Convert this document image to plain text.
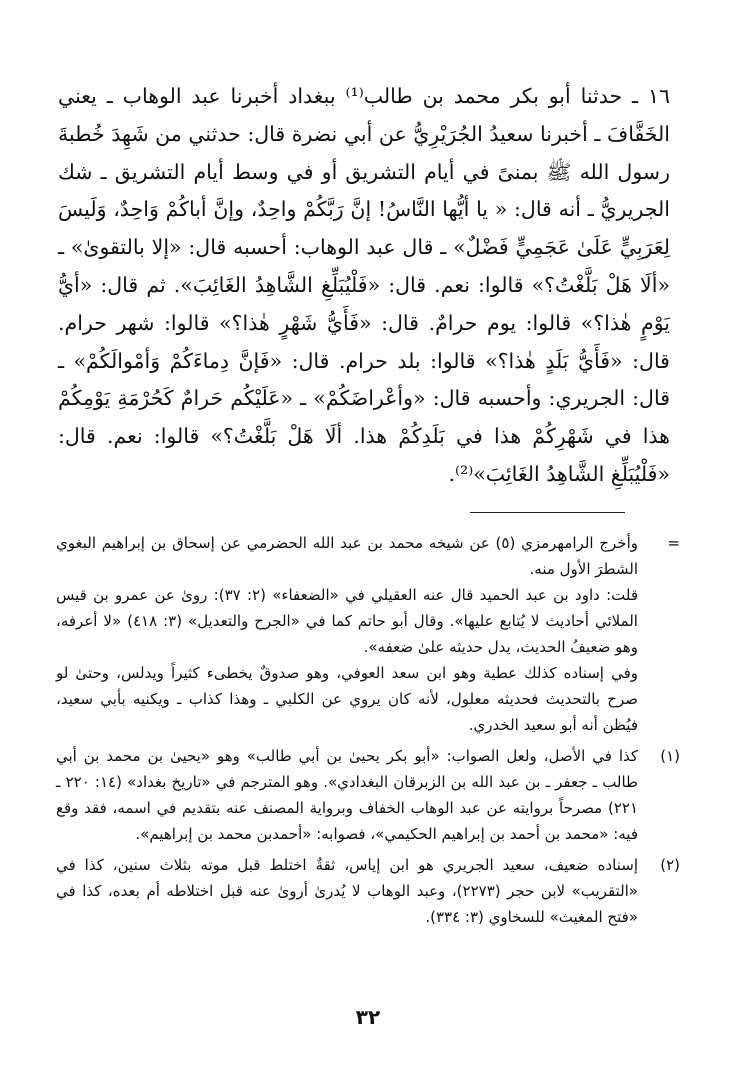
١٦ ـ حدثنا أبو بكر محمد بن طالب⁽¹⁾ ببغداد أخبرنا عبد الوهاب ـ يعني الخَفَّافَ ـ أخبرنا سعيدُ الجُرَيْرِيُّ عن أبي نضرة قال: حدثني من شَهِدَ خُطبةَ رسول الله ﷺ بمنىً في أيام التشريق أو في وسط أيام التشريق ـ شك الجريريُّ ـ أنه قال: « يا أيُّها النَّاسُ! إنَّ رَبَّكُمْ واحِدٌ، وإنَّ أباكُمْ وَاحِدٌ، وَلَيسَ لِعَرَبِيٍّ عَلَىٰ عَجَمِيٍّ فَضْلٌ» ـ قال عبد الوهاب: أحسبه قال: «إلا بالتقوىٰ» ـ «ألَا هَلْ بَلَّغْتُ؟» قالوا: نعم. قال: «فَلْيُبَلِّغِ الشَّاهِدُ الغَائِبَ». ثم قال: «أيُّ يَوْمٍ هٰذا؟» قالوا: يوم حرامٌ. قال: «فَأَيُّ شَهْرٍ هٰذا؟» قالوا: شهر حرام. قال: «فَأَيُّ بَلَدٍ هٰذا؟» قالوا: بلد حرام. قال: «فَإنَّ دِماءَكُمْ وَأمْوالَكُمْ» ـ قال: الجريري: وأحسبه قال: «وأعْراضَكُمْ» ـ «عَلَيْكُم حَرامٌ كَحُرْمَةِ يَوْمِكُمْ هذا في شَهْرِكُمْ هذا في بَلَدِكُمْ هذا. ألَا هَلْ بَلَّغْتُ؟» قالوا: نعم. قال: «فَلْيُبَلِّغِ الشَّاهِدُ الغَائِبَ»⁽²⁾.

=

وأخرج الرامهرمزي (٥) عن شيخه محمد بن عبد الله الحضرمي عن إسحاق بن إبراهيم البغوي الشطرَ الأول منه.

قلت: داود بن عبد الحميد قال عنه العقيلي في «الضعفاء» (٢: ٣٧): روىٰ عن عمرو بن قيس الملائي أحاديث لا يُتابع عليها». وقال أبو حاتم كما في «الجرح والتعديل» (٣: ٤١٨) «لا أعرفه، وهو ضعيفُ الحديث، يدل حديثه علىٰ ضعفه».

وفي إسناده كذلك عطية وهو ابن سعد العوفي، وهو صدوقٌ يخطىء كثيراً ويدلس، وحتىٰ لو صرح بالتحديث فحديثه معلول، لأنه كان يروي عن الكلبي ـ وهذا كذاب ـ ويكنيه بأبي سعيد، فيُظن أنه أبو سعيد الخدري.

(١)
كذا في الأصل، ولعل الصواب: «أبو بكر يحيىٰ بن أبي طالب» وهو «يحيىٰ بن محمد بن أبي طالب ـ جعفر ـ بن عبد الله بن الزبرقان البغدادي». وهو المترجم في «تاريخ بغداد» (١٤: ٢٢٠ ـ ٢٢١) مصرحاً بروايته عن عبد الوهاب الخفاف وبرواية المصنف عنه بتقديم في اسمه، فقد وقع فيه: «محمد بن أحمد بن إبراهيم الحكيمي»، فصوابه: «أحمدبن محمد بن إبراهيم».
(٢)
إسناده ضعيف، سعيد الجريري هو ابن إياس، ثقةٌ اختلط قبل موته بثلاث سنين، كذا في «التقريب» لابن حجر (٢٢٧٣)، وعبد الوهاب لا يُدرىٰ أروىٰ عنه قبل اختلاطه أم بعده، كذا في «فتح المغيث» للسخاوي (٣: ٣٣٤).
٣٢
